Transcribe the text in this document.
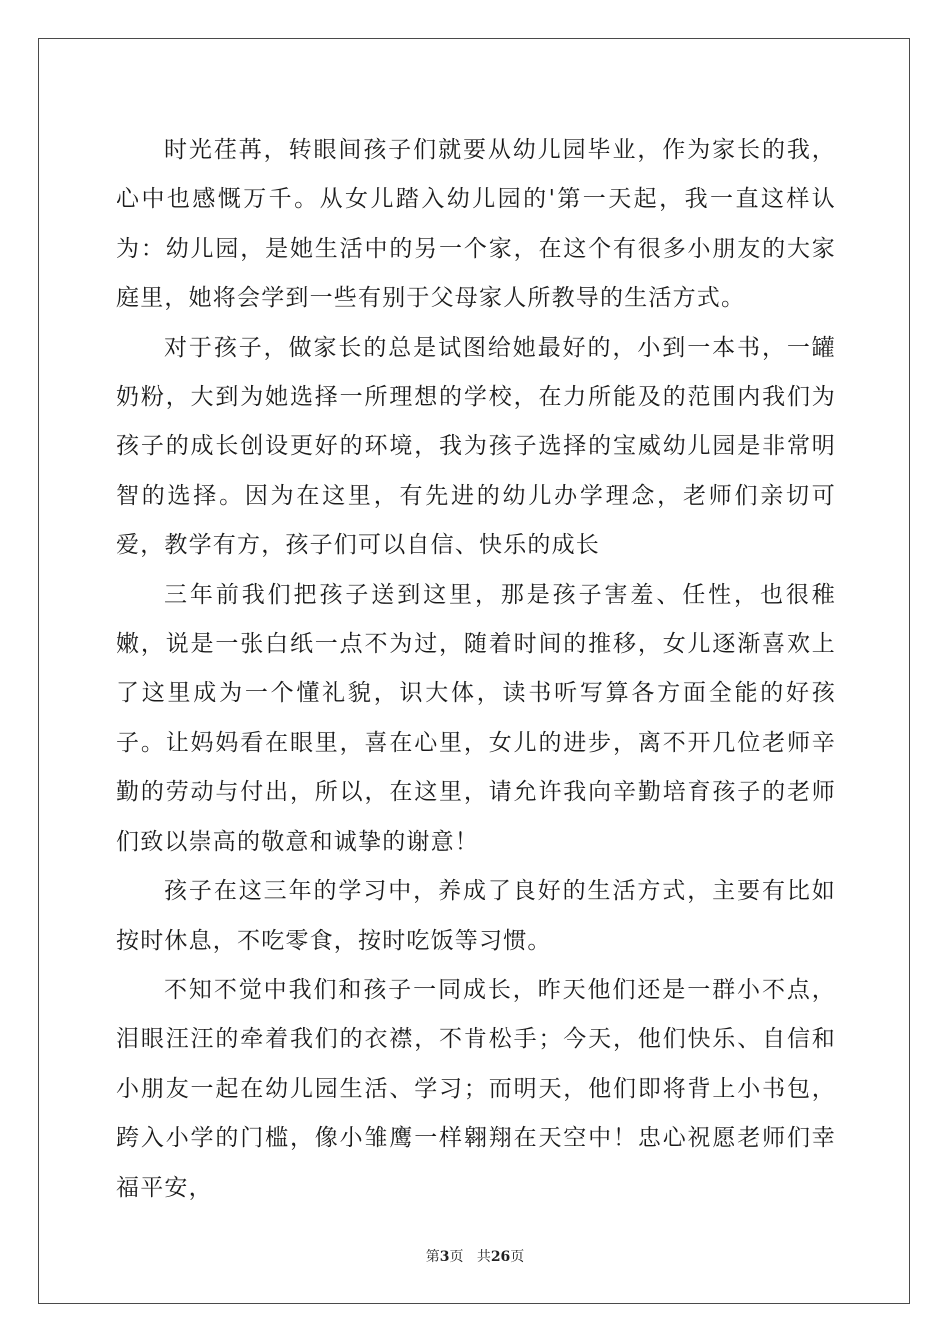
时光荏苒，转眼间孩子们就要从幼儿园毕业，作为家长的我，心中也感慨万千。从女儿踏入幼儿园的'第一天起，我一直这样认为：幼儿园，是她生活中的另一个家，在这个有很多小朋友的大家庭里，她将会学到一些有别于父母家人所教导的生活方式。

对于孩子，做家长的总是试图给她最好的，小到一本书，一罐奶粉，大到为她选择一所理想的学校，在力所能及的范围内我们为孩子的成长创设更好的环境，我为孩子选择的宝威幼儿园是非常明智的选择。因为在这里，有先进的幼儿办学理念，老师们亲切可爱，教学有方，孩子们可以自信、快乐的成长

三年前我们把孩子送到这里，那是孩子害羞、任性，也很稚嫩，说是一张白纸一点不为过，随着时间的推移，女儿逐渐喜欢上了这里成为一个懂礼貌，识大体，读书听写算各方面全能的好孩子。让妈妈看在眼里，喜在心里，女儿的进步，离不开几位老师辛勤的劳动与付出，所以，在这里，请允许我向辛勤培育孩子的老师们致以崇高的敬意和诚挚的谢意！

孩子在这三年的学习中，养成了良好的生活方式，主要有比如按时休息，不吃零食，按时吃饭等习惯。

不知不觉中我们和孩子一同成长，昨天他们还是一群小不点，泪眼汪汪的牵着我们的衣襟，不肯松手；今天，他们快乐、自信和小朋友一起在幼儿园生活、学习；而明天，他们即将背上小书包，跨入小学的门槛，像小雏鹰一样翱翔在天空中！忠心祝愿老师们幸福平安，

第3页 共26页
